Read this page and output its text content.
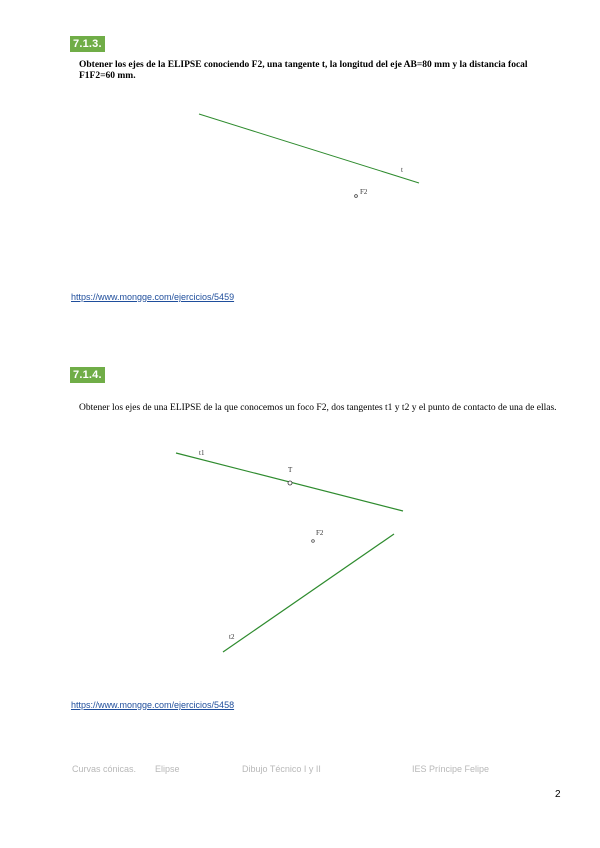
7.1.3.
Obtener los ejes de la ELIPSE conociendo F2, una tangente t, la longitud del eje AB=80 mm y la distancia focal F1F2=60 mm.
t
F2
https://www.mongge.com/ejercicios/5459
7.1.4.
Obtener los ejes de una ELIPSE de la que conocemos un foco F2, dos tangentes t1 y t2 y el punto de contacto de una de ellas.
t1
T
F2
t2
https://www.mongge.com/ejercicios/5458
Curvas cónicas. Elipse	Dibujo Técnico I y II	IES Príncipe Felipe
2
